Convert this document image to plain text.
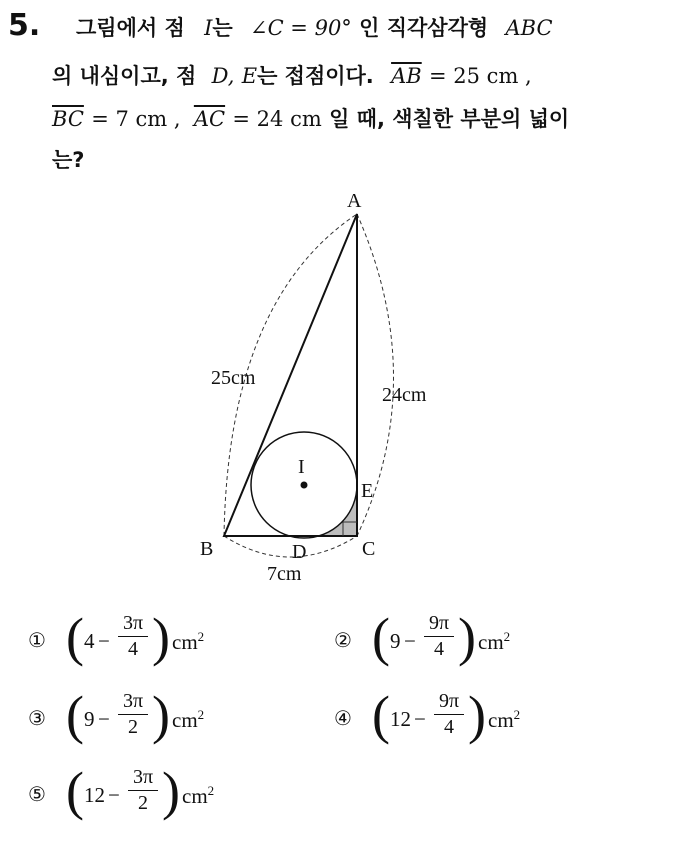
5.	그림에서 점 I는 ∠C = 90° 인 직각삼각형 ABC
의 내심이고, 점 D, E는 접점이다. $\overline{AB} = 25$ cm ,
$\overline{BC} = 7$ cm , $\overline{AC} = 24$ cm 일 때, 색칠한 부분의 넓이
는?
A
B	C
D
E
I
25cm
24cm
7cm
① ( 4 −
3π
4 ) $cm^2$	② ( 9 −
9π
4 ) $cm^2$
③ ( 9 −
3π
2 ) $cm^2$	④ ( 12 −
9π
4 ) $cm^2$
⑤ ( 12 −
3π
2 ) $cm^2$
